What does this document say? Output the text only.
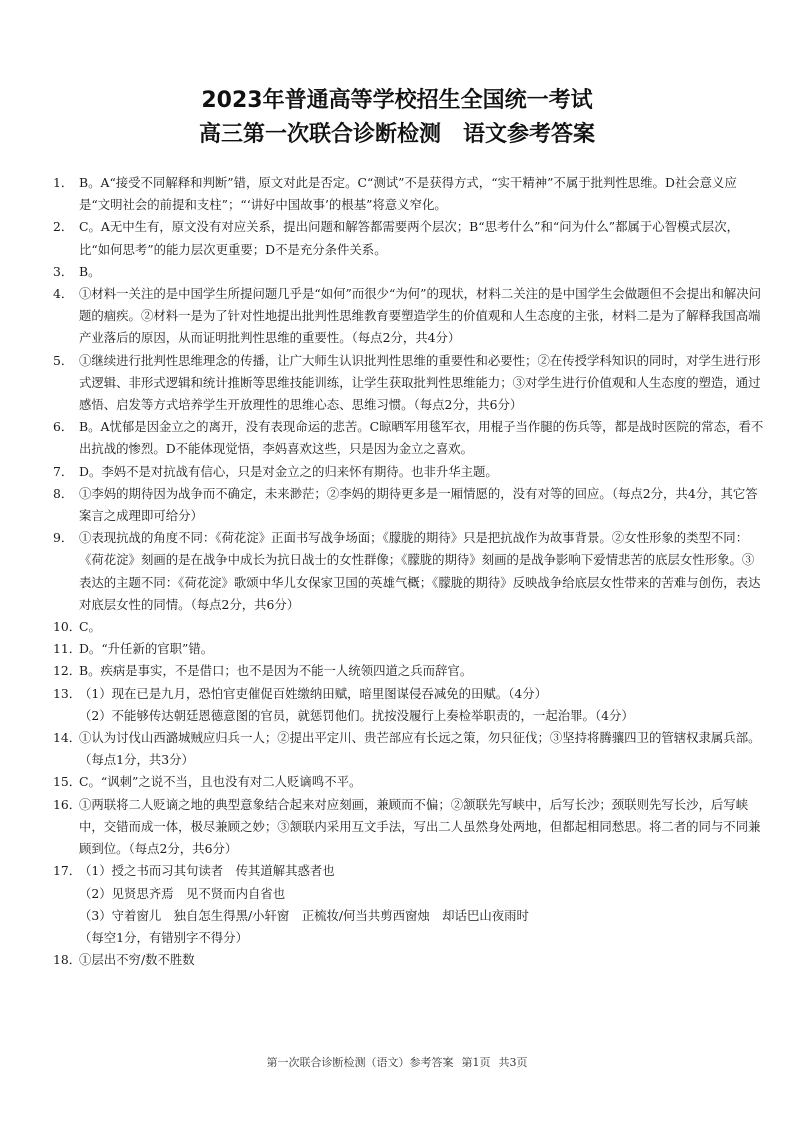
2023年普通高等学校招生全国统一考试
高三第一次联合诊断检测 语文参考答案
1． B。A“接受不同解释和判断”错，原文对此是否定。C“测试”不是获得方式，“实干精神”不属于批判性思维。D社会意义应是“文明社会的前提和支柱”；“‘讲好中国故事’的根基”将意义窄化。
2． C。A无中生有，原文没有对应关系，提出问题和解答都需要两个层次；B“思考什么”和“问为什么”都属于心智模式层次，比“如何思考”的能力层次更重要；D不是充分条件关系。
3． B。
4． ①材料一关注的是中国学生所提问题几乎是“如何”而很少“为何”的现状，材料二关注的是中国学生会做题但不会提出和解决问题的痼疾。②材料一是为了针对性地提出批判性思维教育要塑造学生的价值观和人生态度的主张，材料二是为了解释我国高端产业落后的原因，从而证明批判性思维的重要性。（每点2分，共4分）
5． ①继续进行批判性思维理念的传播，让广大师生认识批判性思维的重要性和必要性；②在传授学科知识的同时，对学生进行形式逻辑、非形式逻辑和统计推断等思维技能训练，让学生获取批判性思维能力；③对学生进行价值观和人生态度的塑造，通过感悟、启发等方式培养学生开放理性的思维心态、思维习惯。（每点2分，共6分）
6． B。A忧郁是因金立之的离开，没有表现命运的悲苦。C晾晒军用毯军衣，用棍子当作腿的伤兵等，都是战时医院的常态，看不出抗战的惨烈。D不能体现觉悟，李妈喜欢这些，只是因为金立之喜欢。
7． D。李妈不是对抗战有信心，只是对金立之的归来怀有期待。也非升华主题。
8． ①李妈的期待因为战争而不确定，未来渺茫；②李妈的期待更多是一厢情愿的，没有对等的回应。（每点2分，共4分，其它答案言之成理即可给分）
9． ①表现抗战的角度不同：《荷花淀》正面书写战争场面；《朦胧的期待》只是把抗战作为故事背景。②女性形象的类型不同：《荷花淀》刻画的是在战争中成长为抗日战士的女性群像；《朦胧的期待》刻画的是战争影响下爱情悲苦的底层女性形象。③表达的主题不同：《荷花淀》歌颂中华儿女保家卫国的英雄气概；《朦胧的期待》反映战争给底层女性带来的苦难与创伤，表达对底层女性的同情。（每点2分，共6分）
10．
C。
11．
D。“升任新的官职”错。
12．
B。疾病是事实，不是借口；也不是因为不能一人统领四道之兵而辞官。
13．
（1）现在已是九月，恐怕官吏催促百姓缴纳田赋，暗里图谋侵吞减免的田赋。（4分）
（2）不能够传达朝廷恩德意图的官员，就惩罚他们。扰按没履行上奏检举职责的，一起治罪。（4分）
14．
①认为讨伐山西潞城贼应归兵一人；②提出平定川、贵芒部应有长远之策，勿只征伐；③坚持将腾骧四卫的管辖权隶属兵部。（每点1分，共3分）
15．
C。“讽刺”之说不当，且也没有对二人贬谪鸣不平。
16．
①两联将二人贬谪之地的典型意象结合起来对应刻画，兼顾而不偏；②颔联先写峡中，后写长沙；颈联则先写长沙，后写峡中，交错而成一体，极尽兼顾之妙；③颔联内采用互文手法，写出二人虽然身处两地，但都起相同愁思。将二者的同与不同兼顾到位。（每点2分，共6分）
17．
（1）授之书而习其句读者　传其道解其惑者也
（2）见贤思齐焉　见不贤而内自省也
（3）守着窗儿　独自怎生得黑/小轩窗　正梳妆/何当共剪西窗烛　却话巴山夜雨时
（每空1分，有错别字不得分）
18．
①层出不穷/数不胜数
第一次联合诊断检测（语文）参考答案 第1页 共3页
